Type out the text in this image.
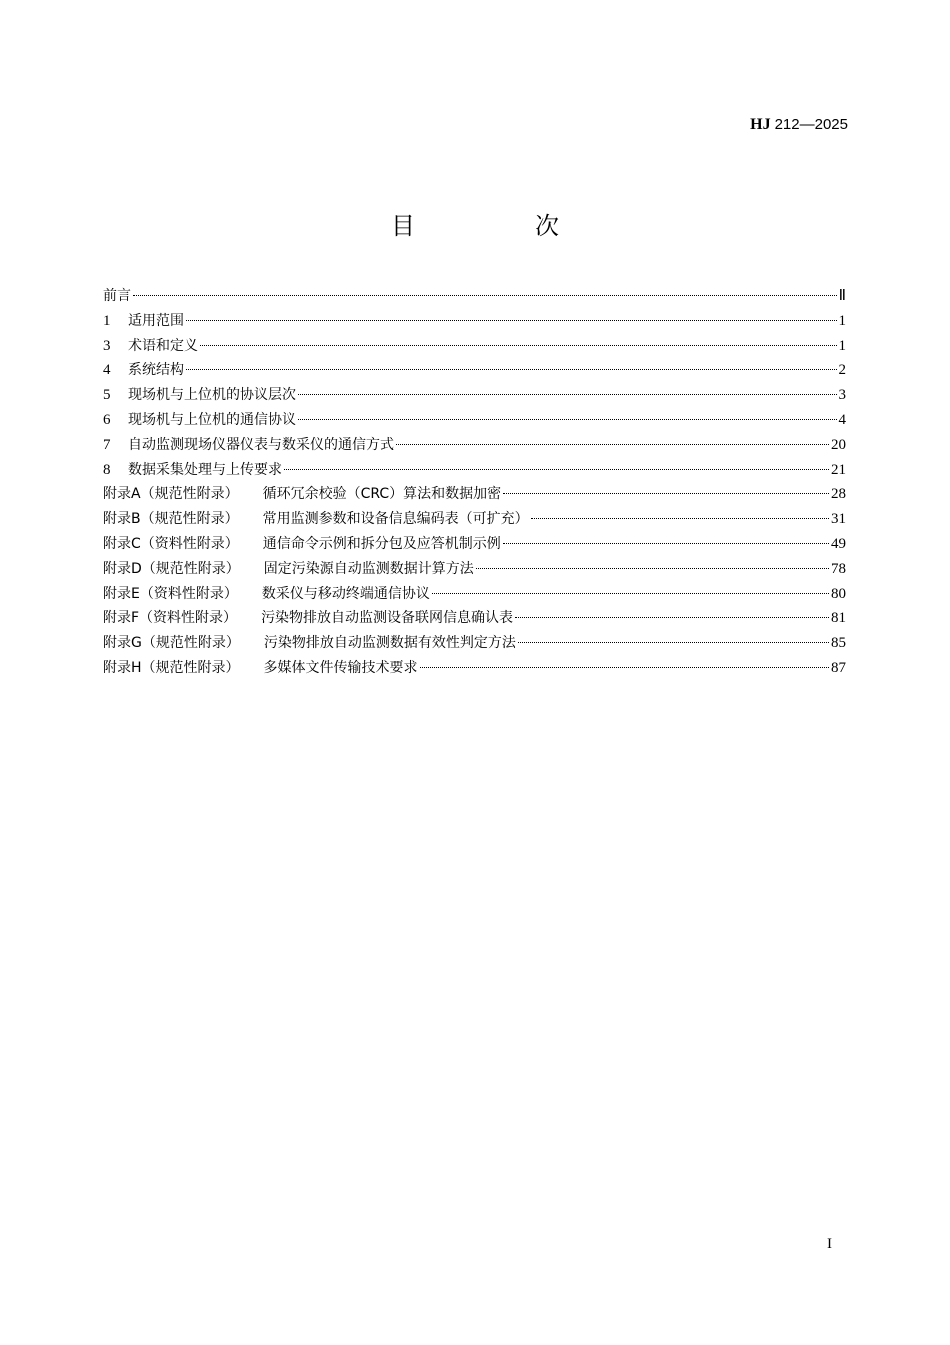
HJ 212—2025
目　次
前言	Ⅱ
1 适用范围	1
3 术语和定义	1
4 系统结构	2
5 现场机与上位机的协议层次	3
6 现场机与上位机的通信协议	4
7 自动监测现场仪器仪表与数采仪的通信方式	20
8 数据采集处理与上传要求	21
附录A（规范性附录） 循环冗余校验（CRC）算法和数据加密	28
附录B（规范性附录） 常用监测参数和设备信息编码表（可扩充）	31
附录C（资料性附录） 通信命令示例和拆分包及应答机制示例	49
附录D（规范性附录） 固定污染源自动监测数据计算方法	78
附录E（资料性附录） 数采仪与移动终端通信协议	80
附录F（资料性附录） 污染物排放自动监测设备联网信息确认表	81
附录G（规范性附录） 污染物排放自动监测数据有效性判定方法	85
附录H（规范性附录） 多媒体文件传输技术要求	87
I
